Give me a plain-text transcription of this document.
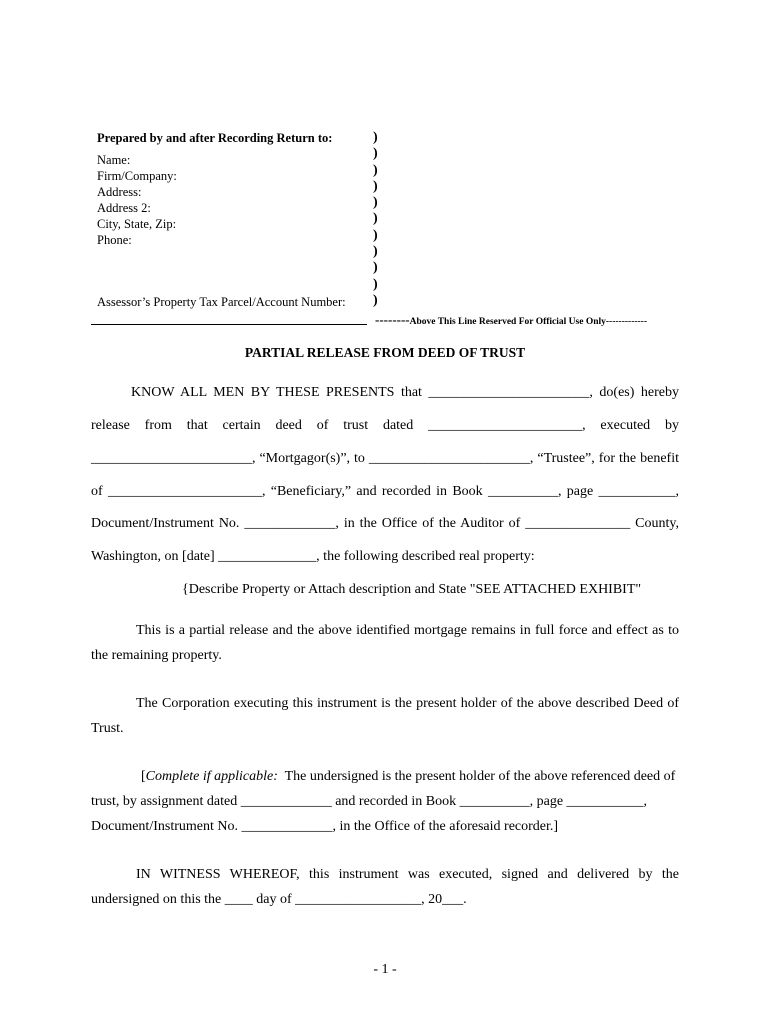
Prepared by and after Recording Return to:
Name:
Firm/Company:
Address:
Address 2:
City, State, Zip:
Phone:
Assessor’s Property Tax Parcel/Account Number:
)
)
)
)
)
)
)
)
)
)
)
--------Above This Line Reserved For Official Use Only-------------
PARTIAL RELEASE FROM DEED OF TRUST
KNOW ALL MEN BY THESE PRESENTS that _______________________, do(es) hereby
release from that certain deed of trust dated ______________________, executed by
_______________________, “Mortgagor(s)”, to _______________________, “Trustee”, for the benefit
of ______________________, “Beneficiary,” and recorded in Book __________, page ___________,
Document/Instrument No. _____________, in the Office of the Auditor of _______________ County,
Washington, on [date] ______________, the following described real property:
{Describe Property or Attach description and State "SEE ATTACHED EXHIBIT"
This is a partial release and the above identified mortgage remains in full force and effect as to
the remaining property.
The Corporation executing this instrument is the present holder of the above described Deed of
Trust.
[Complete if applicable:  The undersigned is the present holder of the above referenced deed of
trust, by assignment dated _____________ and recorded in Book __________, page ___________,
Document/Instrument No. _____________, in the Office of the aforesaid recorder.]
IN WITNESS WHEREOF, this instrument was executed, signed and delivered by the
undersigned on this the ____ day of __________________, 20___.
- 1 -
